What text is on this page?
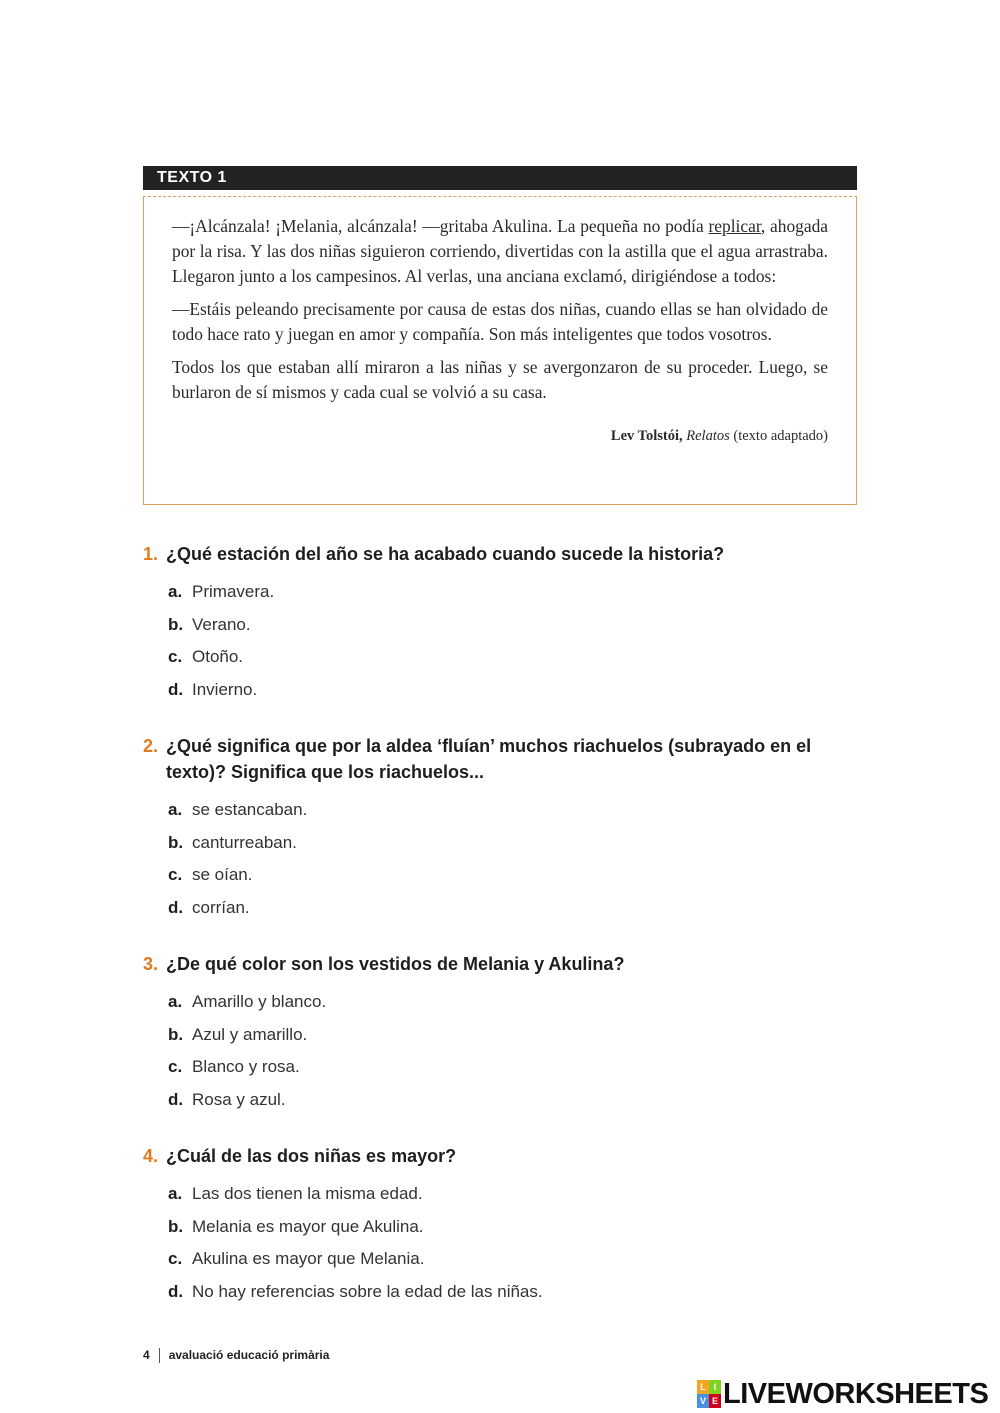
TEXTO 1

—¡Alcánzala! ¡Melania, alcánzala! —gritaba Akulina. La pequeña no podía replicar, ahogada por la risa. Y las dos niñas siguieron corriendo, divertidas con la astilla que el agua arrastraba. Llegaron junto a los campesinos. Al verlas, una anciana exclamó, dirigiéndose a todos:

—Estáis peleando precisamente por causa de estas dos niñas, cuando ellas se han olvidado de todo hace rato y juegan en amor y compañía. Son más inteligentes que todos vosotros.

Todos los que estaban allí miraron a las niñas y se avergonzaron de su proceder. Luego, se burlaron de sí mismos y cada cual se volvió a su casa.

Lev Tolstói, Relatos (texto adaptado)
1. ¿Qué estación del año se ha acabado cuando sucede la historia?
a. Primavera.
b. Verano.
c. Otoño.
d. Invierno.
2. ¿Qué significa que por la aldea ‘fluían’ muchos riachuelos (subrayado en el texto)? Significa que los riachuelos...
a. se estancaban.
b. canturreaban.
c. se oían.
d. corrían.
3. ¿De qué color son los vestidos de Melania y Akulina?
a. Amarillo y blanco.
b. Azul y amarillo.
c. Blanco y rosa.
d. Rosa y azul.
4. ¿Cuál de las dos niñas es mayor?
a. Las dos tienen la misma edad.
b. Melania es mayor que Akulina.
c. Akulina es mayor que Melania.
d. No hay referencias sobre la edad de las niñas.
4 avaluació educació primària
L I
V E LIVEWORKSHEETS
